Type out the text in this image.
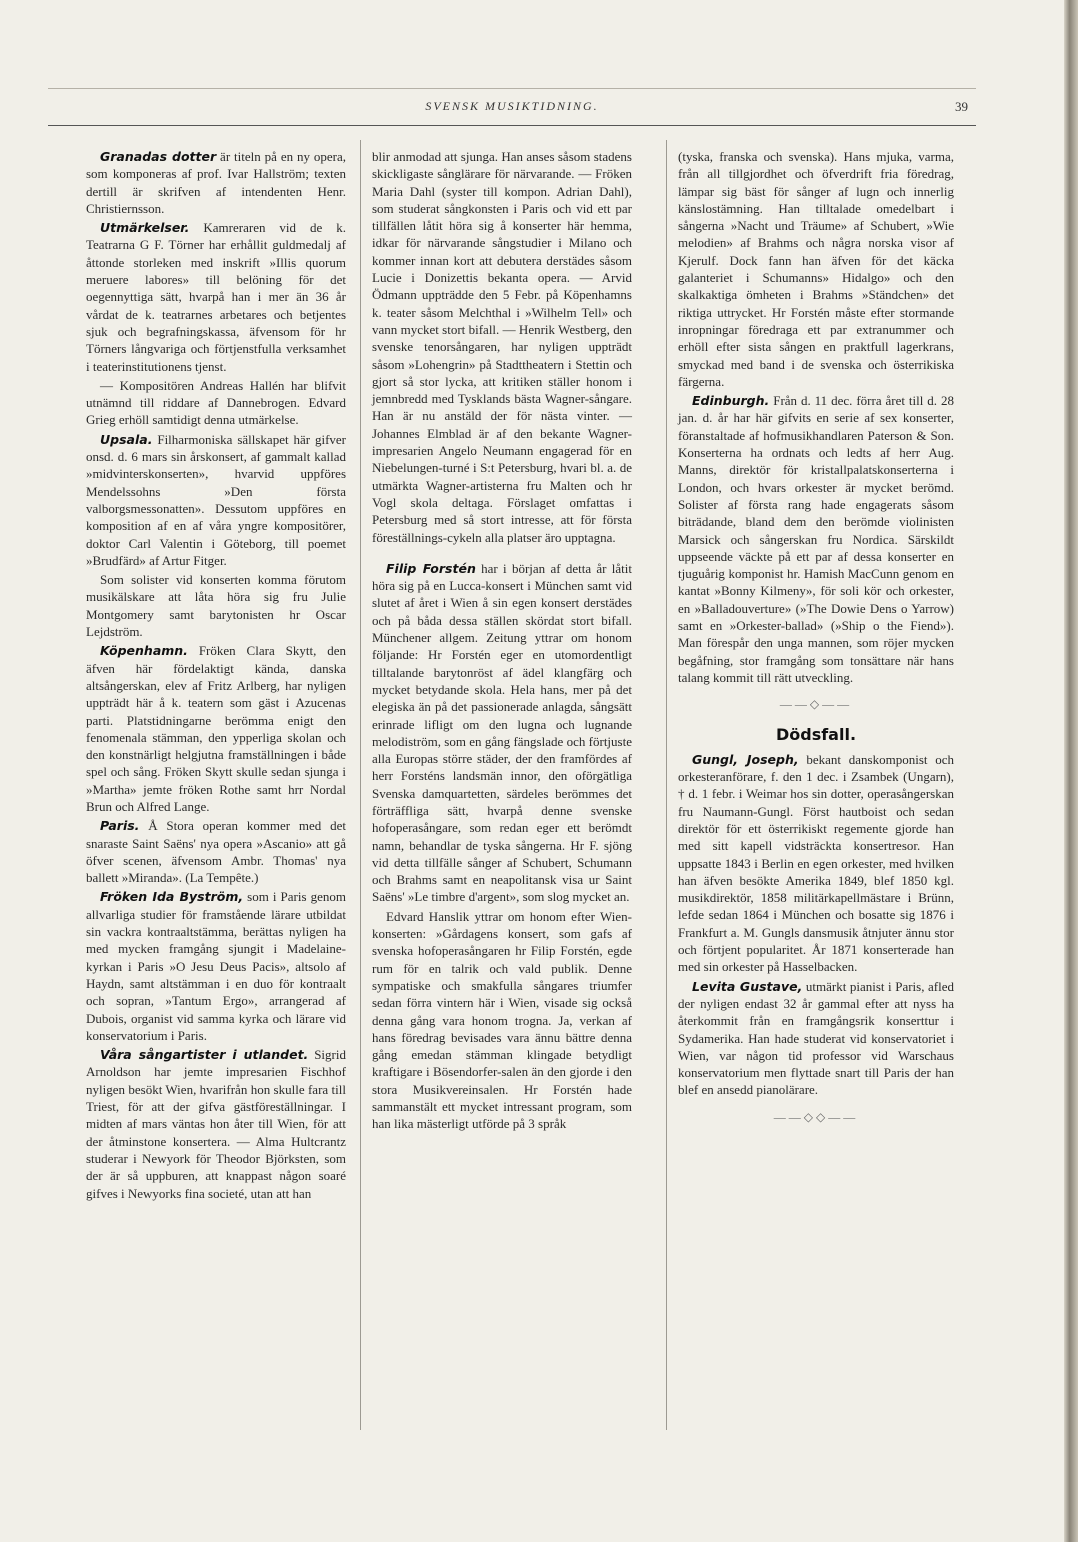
SVENSK MUSIKTIDNING.	39

Granadas dotter är titeln på en ny opera, som komponeras af prof. Ivar Hallström; texten dertill är skrifven af intendenten Henr. Christiernsson.

Utmärkelser. Kamreraren vid de k. Teatrarna G F. Törner har erhållit guldmedalj af åttonde storleken med inskrift »Illis quorum meruere labores» till belöning för det oegennyttiga sätt, hvarpå han i mer än 36 år vårdat de k. teatrarnes arbetares och betjentes sjuk och begrafningskassa, äfvensom för hr Törners långvariga och förtjenstfulla verksamhet i teaterinstitutionens tjenst.

— Kompositören Andreas Hallén har blifvit utnämnd till riddare af Dannebrogen. Edvard Grieg erhöll samtidigt denna utmärkelse.

Upsala. Filharmoniska sällskapet här gifver onsd. d. 6 mars sin årskonsert, af gammalt kallad »midvinterskonserten», hvarvid uppföres Mendelssohns »Den första valborgsmessonatten». Dessutom uppföres en komposition af en af våra yngre kompositörer, doktor Carl Valentin i Göteborg, till poemet »Brudfärd» af Artur Fitger.

Som solister vid konserten komma förutom musikälskare att låta höra sig fru Julie Montgomery samt barytonisten hr Oscar Lejdström.

Köpenhamn. Fröken Clara Skytt, den äfven här fördelaktigt kända, danska altsångerskan, elev af Fritz Arlberg, har nyligen uppträdt här å k. teatern som gäst i Azucenas parti. Platstidningarne berömma enigt den fenomenala stämman, den ypperliga skolan och den konstnärligt helgjutna framställningen i både spel och sång. Fröken Skytt skulle sedan sjunga i »Martha» jemte fröken Rothe samt hrr Nordal Brun och Alfred Lange.

Paris. Å Stora operan kommer med det snaraste Saint Saëns' nya opera »Ascanio» att gå öfver scenen, äfvensom Ambr. Thomas' nya ballett »Miranda». (La Tempête.)

Fröken Ida Byström, som i Paris genom allvarliga studier för framstående lärare utbildat sin vackra kontraaltstämma, berättas nyligen ha med mycken framgång sjungit i Madelaine-kyrkan i Paris »O Jesu Deus Pacis», altsolo af Haydn, samt altstämman i en duo för kontraalt och sopran, »Tantum Ergo», arrangerad af Dubois, organist vid samma kyrka och lärare vid konservatorium i Paris.

Våra sångartister i utlandet. Sigrid Arnoldson har jemte impresarien Fischhof nyligen besökt Wien, hvarifrån hon skulle fara till Triest, för att der gifva gästföreställningar. I midten af mars väntas hon åter till Wien, för att der åtminstone konsertera. — Alma Hultcrantz studerar i Newyork för Theodor Björksten, som der är så uppburen, att knappast någon soaré gifves i Newyorks fina societé, utan att han

blir anmodad att sjunga. Han anses såsom stadens skickligaste sånglärare för närvarande. — Fröken Maria Dahl (syster till kompon. Adrian Dahl), som studerat sångkonsten i Paris och vid ett par tillfällen låtit höra sig å konserter här hemma, idkar för närvarande sångstudier i Milano och kommer innan kort att debutera derstädes såsom Lucie i Donizettis bekanta opera. — Arvid Ödmann uppträdde den 5 Febr. på Köpenhamns k. teater såsom Melchthal i »Wilhelm Tell» och vann mycket stort bifall. — Henrik Westberg, den svenske tenorsångaren, har nyligen uppträdt såsom »Lohengrin» på Stadttheatern i Stettin och gjort så stor lycka, att kritiken ställer honom i jemnbredd med Tysklands bästa Wagner-sångare. Han är nu anstäld der för nästa vinter. — Johannes Elmblad är af den bekante Wagner-impresarien Angelo Neumann engagerad för en Niebelungen-turné i S:t Petersburg, hvari bl. a. de utmärkta Wagner-artisterna fru Malten och hr Vogl skola deltaga. Förslaget omfattas i Petersburg med så stort intresse, att för första föreställnings-cykeln alla platser äro upptagna.

Filip Forstén har i början af detta år låtit höra sig på en Lucca-konsert i München samt vid slutet af året i Wien å sin egen konsert derstädes och på båda dessa ställen skördat stort bifall. Münchener allgem. Zeitung yttrar om honom följande: Hr Forstén eger en utomordentligt tilltalande barytonröst af ädel klangfärg och mycket betydande skola. Hela hans, mer på det elegiska än på det passionerade anlagda, sångsätt erinrade lifligt om den lugna och lugnande melodiström, som en gång fängslade och förtjuste alla Europas större städer, der den framfördes af herr Forsténs landsmän innor, den oförgätliga Svenska damquartetten, särdeles berömmes det förträffliga sätt, hvarpå denne svenske hofoperasångare, som redan eger ett berömdt namn, behandlar de tyska sångerna. Hr F. sjöng vid detta tillfälle sånger af Schubert, Schumann och Brahms samt en neapolitansk visa ur Saint Saëns' »Le timbre d'argent», som slog mycket an.

Edvard Hanslik yttrar om honom efter Wien-konserten: »Gårdagens konsert, som gafs af svenska hofoperasångaren hr Filip Forstén, egde rum för en talrik och vald publik. Denne sympatiske och smakfulla sångares triumfer sedan förra vintern här i Wien, visade sig också denna gång vara honom trogna. Ja, verkan af hans föredrag bevisades vara ännu bättre denna gång emedan stämman klingade betydligt kraftigare i Bösendorfer-salen än den gjorde i den stora Musikvereinsalen. Hr Forstén hade sammanstält ett mycket intressant program, som han lika mästerligt utförde på 3 språk

(tyska, franska och svenska). Hans mjuka, varma, från all tillgjordhet och öfverdrift fria föredrag, lämpar sig bäst för sånger af lugn och innerlig känslostämning. Han tilltalade omedelbart i sångerna »Nacht und Träume» af Schubert, »Wie melodien» af Brahms och några norska visor af Kjerulf. Dock fann han äfven för det käcka galanteriet i Schumanns» Hidalgo» och den skalkaktiga ömheten i Brahms »Ständchen» det riktiga uttrycket. Hr Forstén måste efter stormande inropningar föredraga ett par extranummer och erhöll efter sista sången en praktfull lagerkrans, smyckad med band i de svenska och österrikiska färgerna.

Edinburgh. Från d. 11 dec. förra året till d. 28 jan. d. år har här gifvits en serie af sex konserter, föranstaltade af hofmusikhandlaren Paterson & Son. Konserterna ha ordnats och ledts af herr Aug. Manns, direktör för kristallpalatskonserterna i London, och hvars orkester är mycket berömd. Solister af första rang hade engagerats såsom biträdande, bland dem den berömde violinisten Marsick och sångerskan fru Nordica. Särskildt uppseende väckte på ett par af dessa konserter en tjuguårig komponist hr. Hamish MacCunn genom en kantat »Bonny Kilmeny», för soli kör och orkester, en »Balladouverture» (»The Dowie Dens o Yarrow) samt en »Orkester-ballad» (»Ship o the Fiend»). Man förespår den unga mannen, som röjer mycken begåfning, stor framgång som tonsättare när hans talang kommit till rätt utveckling.

——◇——
Dödsfall.

Gungl, Joseph, bekant danskomponist och orkesteranförare, f. den 1 dec. i Zsambek (Ungarn), † d. 1 febr. i Weimar hos sin dotter, operasångerskan fru Naumann-Gungl. Först hautboist och sedan direktör för ett österrikiskt regemente gjorde han med sitt kapell vidsträckta konsertresor. Han uppsatte 1843 i Berlin en egen orkester, med hvilken han äfven besökte Amerika 1849, blef 1850 kgl. musikdirektör, 1858 militärkapellmästare i Brünn, lefde sedan 1864 i München och bosatte sig 1876 i Frankfurt a. M. Gungls dansmusik åtnjuter ännu stor och förtjent popularitet. År 1871 konserterade han med sin orkester på Hasselbacken.

Levita Gustave, utmärkt pianist i Paris, afled der nyligen endast 32 år gammal efter att nyss ha återkommit från en framgångsrik konserttur i Sydamerika. Han hade studerat vid konservatoriet i Wien, var någon tid professor vid Warschaus konservatorium men flyttade snart till Paris der han blef en ansedd pianolärare.

——◇◇——
